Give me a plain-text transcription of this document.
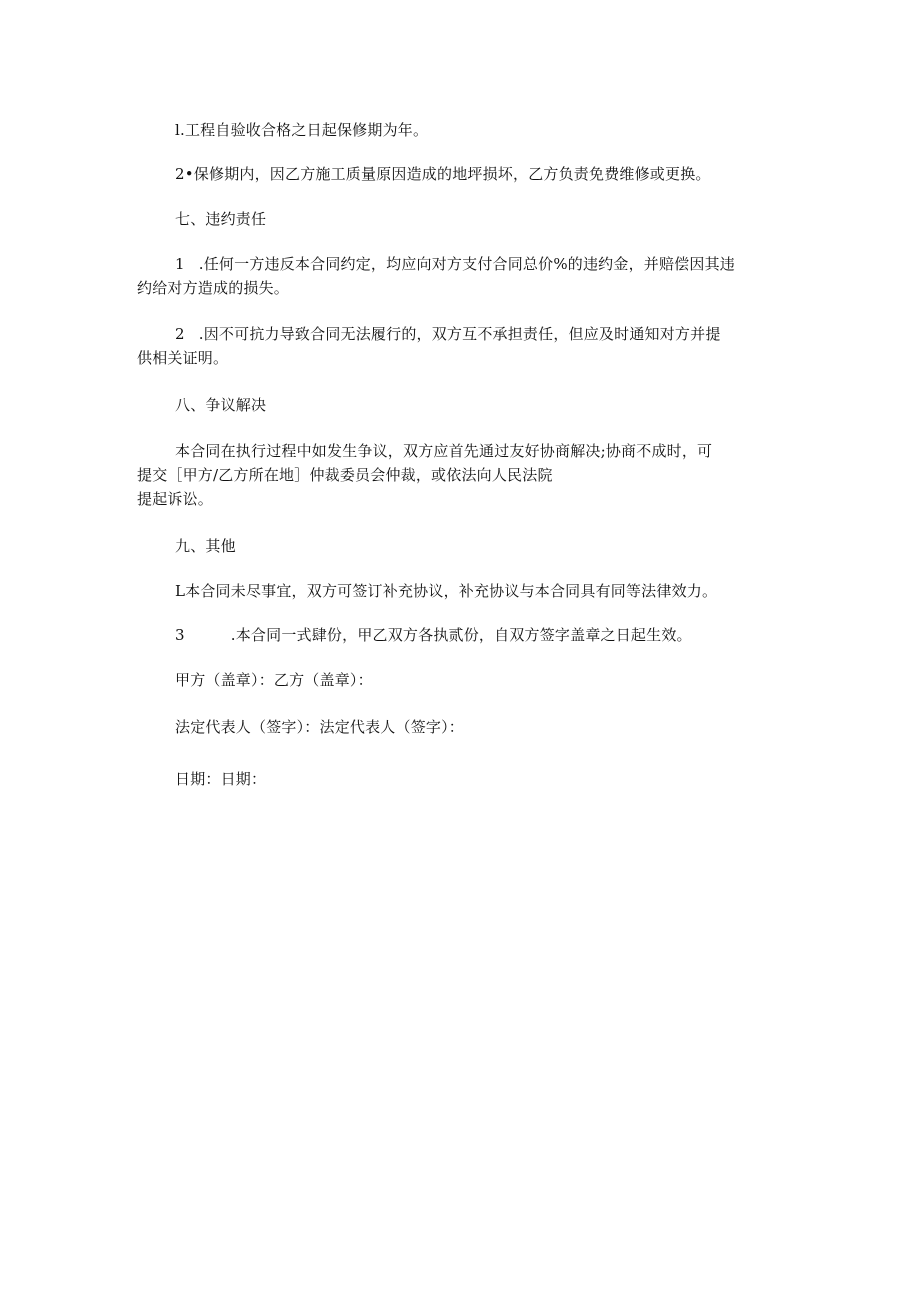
l.工程自验收合格之日起保修期为年。
2•保修期内，因乙方施工质量原因造成的地坪损坏，乙方负责免费维修或更换。
七、违约责任
1 .任何一方违反本合同约定，均应向对方支付合同总价%的违约金，并赔偿因其违
约给对方造成的损失。
2 .因不可抗力导致合同无法履行的，双方互不承担责任，但应及时通知对方并提
供相关证明。
八、争议解决
本合同在执行过程中如发生争议，双方应首先通过友好协商解决;协商不成时，可
提交［甲方/乙方所在地］仲裁委员会仲裁，或依法向人民法院
提起诉讼。
九、其他
L本合同未尽事宜，双方可签订补充协议，补充协议与本合同具有同等法律效力。
3	.本合同一式肆份，甲乙双方各执贰份，自双方签字盖章之日起生效。
甲方（盖章）：乙方（盖章）：
法定代表人（签字）：法定代表人（签字）：
日期：日期：
